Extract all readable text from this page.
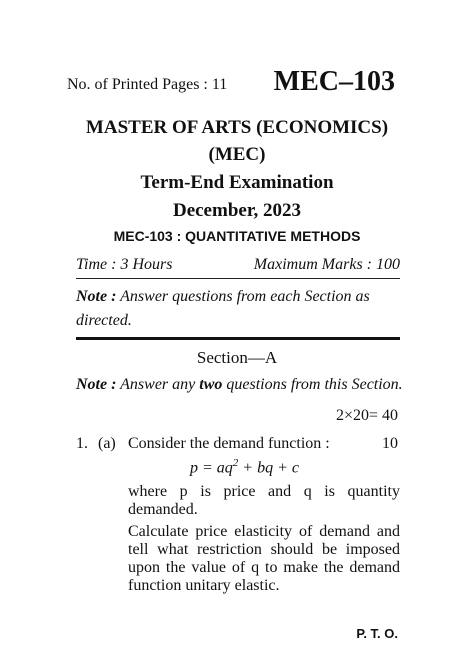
No. of Printed Pages : 11 MEC–103
MASTER OF ARTS (ECONOMICS)
(MEC)
Term-End Examination
December, 2023
MEC-103 : QUANTITATIVE METHODS
Time : 3 Hours	Maximum Marks : 100
Note : Answer questions from each Section as directed.
Section—A
Note : Answer any two questions from this Section.
2×20= 40
1. (a) Consider the demand function :	10
$p = aq^2$ + bq + c
where p is price and q is quantity demanded.
Calculate price elasticity of demand and tell what restriction should be imposed upon the value of q to make the demand function unitary elastic.
P. T. O.
